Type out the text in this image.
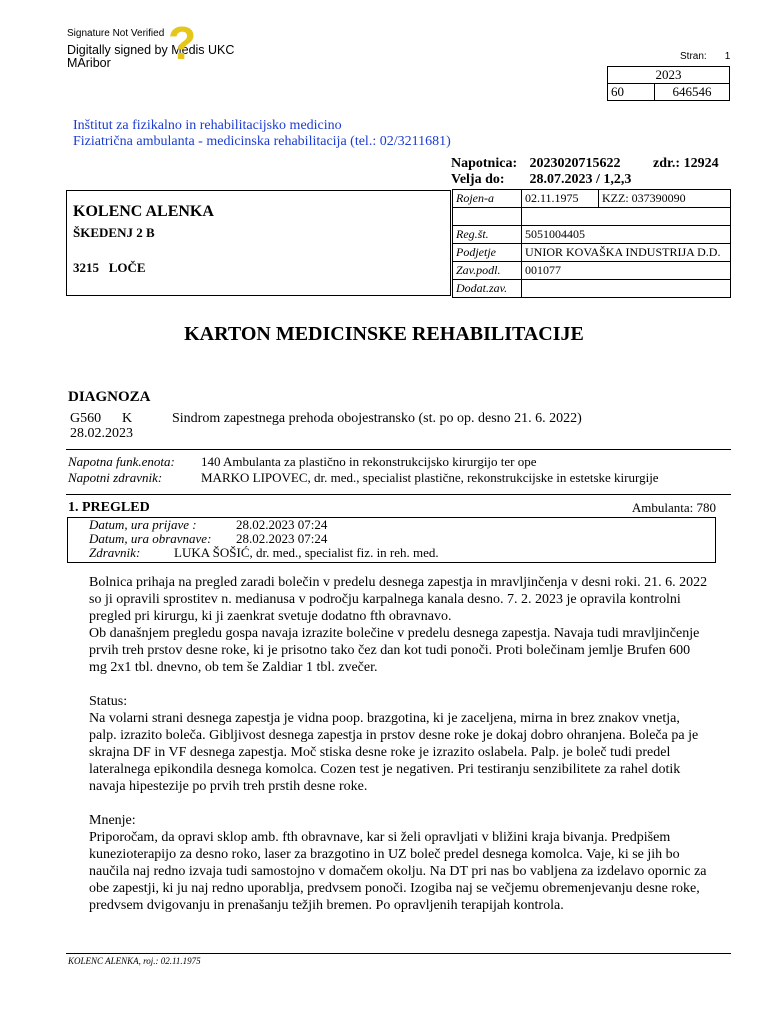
Signature Not Verified
Digitally signed by Medis UKC
MAribor	?	Stran: 1
2023
60	646546
Inštitut za fizikalno in rehabilitacijsko medicino
Fiziatrična ambulanta - medicinska rehabilitacija (tel.: 02/3211681)
Napotnica: 2023020715622 zdr.: 12924
Velja do: 28.07.2023 / 1,2,3
KOLENC ALENKA
ŠKEDENJ 2 B
3215 LOČE
Rojen-a	02.11.1975	KZZ: 037390090

Reg.št.	5051004405	
Podjetje	UNIOR KOVAŠKA INDUSTRIJA D.D.	
Zav.podl.	001077	
Dodat.zav.		
KARTON MEDICINSKE REHABILITACIJE
DIAGNOZA
G560 K	Sindrom zapestnega prehoda obojestransko (st. po op. desno 21. 6. 2022)
28.02.2023
Napotna funk.enota: 140 Ambulanta za plastično in rekonstrukcijsko kirurgijo ter ope
Napotni zdravnik:	MARKO LIPOVEC, dr. med., specialist plastične, rekonstrukcijske in estetske kirurgije
1. PREGLED	Ambulanta: 780
Datum, ura prijave :	28.02.2023 07:24
Datum, ura obravnave: 28.02.2023 07:24
Zdravnik:	LUKA ŠOŠIĆ, dr. med., specialist fiz. in reh. med.

Bolnica prihaja na pregled zaradi bolečin v predelu desnega zapestja in mravljinčenja v desni roki. 21. 6. 2022 so ji opravili sprostitev n. medianusa v področju karpalnega kanala desno. 7. 2. 2023 je opravila kontrolni pregled pri kirurgu, ki ji zaenkrat svetuje dodatno fth obravnavo.

Ob današnjem pregledu gospa navaja izrazite bolečine v predelu desnega zapestja. Navaja tudi mravljinčenje prvih treh prstov desne roke, ki je prisotno tako čez dan kot tudi ponoči. Proti bolečinam jemlje Brufen 600 mg 2x1 tbl. dnevno, ob tem še Zaldiar 1 tbl. zvečer.

Status:

Na volarni strani desnega zapestja je vidna poop. brazgotina, ki je zaceljena, mirna in brez znakov vnetja, palp. izrazito boleča. Gibljivost desnega zapestja in prstov desne roke je dokaj dobro ohranjena. Boleča pa je skrajna DF in VF desnega zapestja. Moč stiska desne roke je izrazito oslabela. Palp. je boleč tudi predel lateralnega epikondila desnega komolca. Cozen test je negativen. Pri testiranju senzibilitete za rahel dotik navaja hipestezije po prvih treh prstih desne roke.

Mnenje:

Priporočam, da opravi sklop amb. fth obravnave, kar si želi opravljati v bližini kraja bivanja. Predpišem kunezioterapijo za desno roko, laser za brazgotino in UZ boleč predel desnega komolca. Vaje, ki se jih bo naučila naj redno izvaja tudi samostojno v domačem okolju. Na DT pri nas bo vabljena za izdelavo opornic za obe zapestji, ki ju naj redno uporablja, predvsem ponoči. Izogiba naj se večjemu obremenjevanju desne roke, predvsem dvigovanju in prenašanju težjih bremen. Po opravljenih terapijah kontrola.

KOLENC ALENKA, roj.: 02.11.1975
